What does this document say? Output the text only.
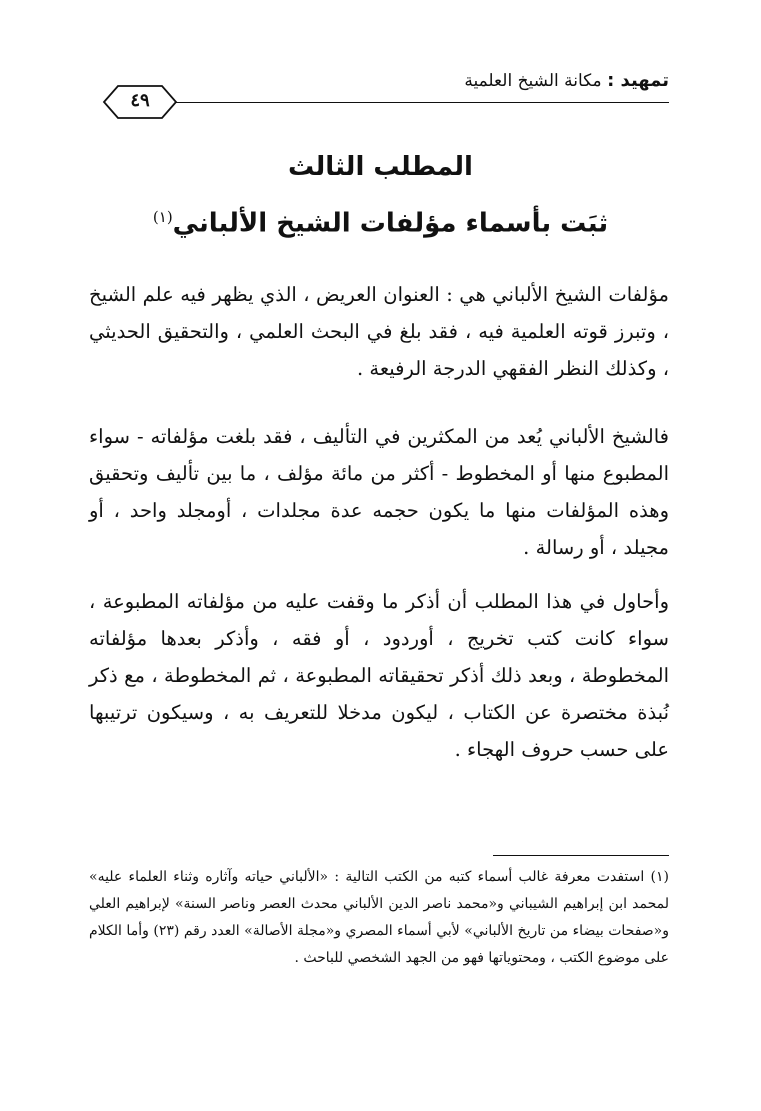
تمهيد : مكانة الشيخ العلمية
٤٩
المطلب الثالث
ثبَت بأسماء مؤلفات الشيخ الألباني$^{(١)}$
مؤلفات الشيخ الألباني هي : العنوان العريض ، الذي يظهر فيه علم الشيخ ، وتبرز قوته العلمية فيه ، فقد بلغ في البحث العلمي ، والتحقيق الحديثي ، وكذلك النظر الفقهي الدرجة الرفيعة .
فالشيخ الألباني يُعد من المكثرين في التأليف ، فقد بلغت مؤلفاته - سواء المطبوع منها أو المخطوط - أكثر من مائة مؤلف ، ما بين تأليف وتحقيق وهذه المؤلفات منها ما يكون حجمه عدة مجلدات ، أومجلد واحد ، أو مجيلد ، أو رسالة .
وأحاول في هذا المطلب أن أذكر ما وقفت عليه من مؤلفاته المطبوعة ، سواء كانت كتب تخريج ، أوردود ، أو فقه ، وأذكر بعدها مؤلفاته المخطوطة ، وبعد ذلك أذكر تحقيقاته المطبوعة ، ثم المخطوطة ، مع ذكر نُبذة مختصرة عن الكتاب ، ليكون مدخلا للتعريف به ، وسيكون ترتيبها على حسب حروف الهجاء .
(١) استفدت معرفة غالب أسماء كتبه من الكتب التالية : «الألباني حياته وآثاره وثناء العلماء عليه» لمحمد ابن إبراهيم الشيباني و«محمد ناصر الدين الألباني محدث العصر وناصر السنة» لإبراهيم العلي و«صفحات بيضاء من تاريخ الألباني» لأبي أسماء المصري و«مجلة الأصالة» العدد رقم (٢٣) وأما الكلام على موضوع الكتب ، ومحتوياتها فهو من الجهد الشخصي للباحث .
